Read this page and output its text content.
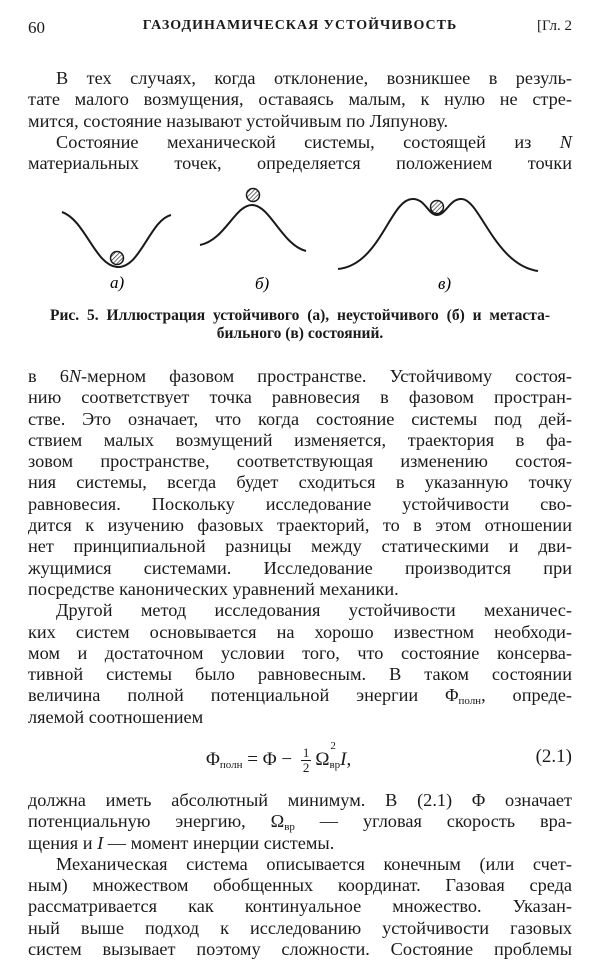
60	ГАЗОДИНАМИЧЕСКАЯ УСТОЙЧИВОСТЬ	[Гл. 2
В тех случаях, когда отклонение, возникшее в резуль-
тате малого возмущения, оставаясь малым, к нулю не стре-
мится, состояние называют устойчивым по Ляпунову.
Состояние механической системы, состоящей из N
материальных точек, определяется положением точки
а)	б)	в)
Рис. 5. Иллюстрация устойчивого (а), неустойчивого (б) и метаста-
бильного (в) состояний.
в 6N-мерном фазовом пространстве. Устойчивому состоя-
нию соответствует точка равновесия в фазовом простран-
стве. Это означает, что когда состояние системы под дей-
ствием малых возмущений изменяется, траектория в фа-
зовом пространстве, соответствующая изменению состоя-
ния системы, всегда будет сходиться в указанную точку
равновесия. Поскольку исследование устойчивости сво-
дится к изучению фазовых траекторий, то в этом отношении
нет принципиальной разницы между статическими и дви-
жущимися системами. Исследование производится при
посредстве канонических уравнений механики.
Другой метод исследования устойчивости механичес-
ких систем основывается на хорошо известном необходи-
мом и достаточном условии того, что состояние консерва-
тивной системы было равновесным. В таком состоянии
величина полной потенциальной энергии $\Phi_{полн}$, опреде-
ляемой соотношением
$\Phi_{полн} = \Phi - \frac{1}{2}$ Ω
2
$_{вр}$I,	(2.1)
должна иметь абсолютный минимум. В (2.1) Φ означает
потенциальную энергию, $\Omega_{вр}$ — угловая скорость вра-
щения и I — момент инерции системы.
Механическая система описывается конечным (или счет-
ным) множеством обобщенных координат. Газовая среда
рассматривается как континуальное множество. Указан-
ный выше подход к исследованию устойчивости газовых
систем вызывает поэтому сложности. Состояние проблемы
